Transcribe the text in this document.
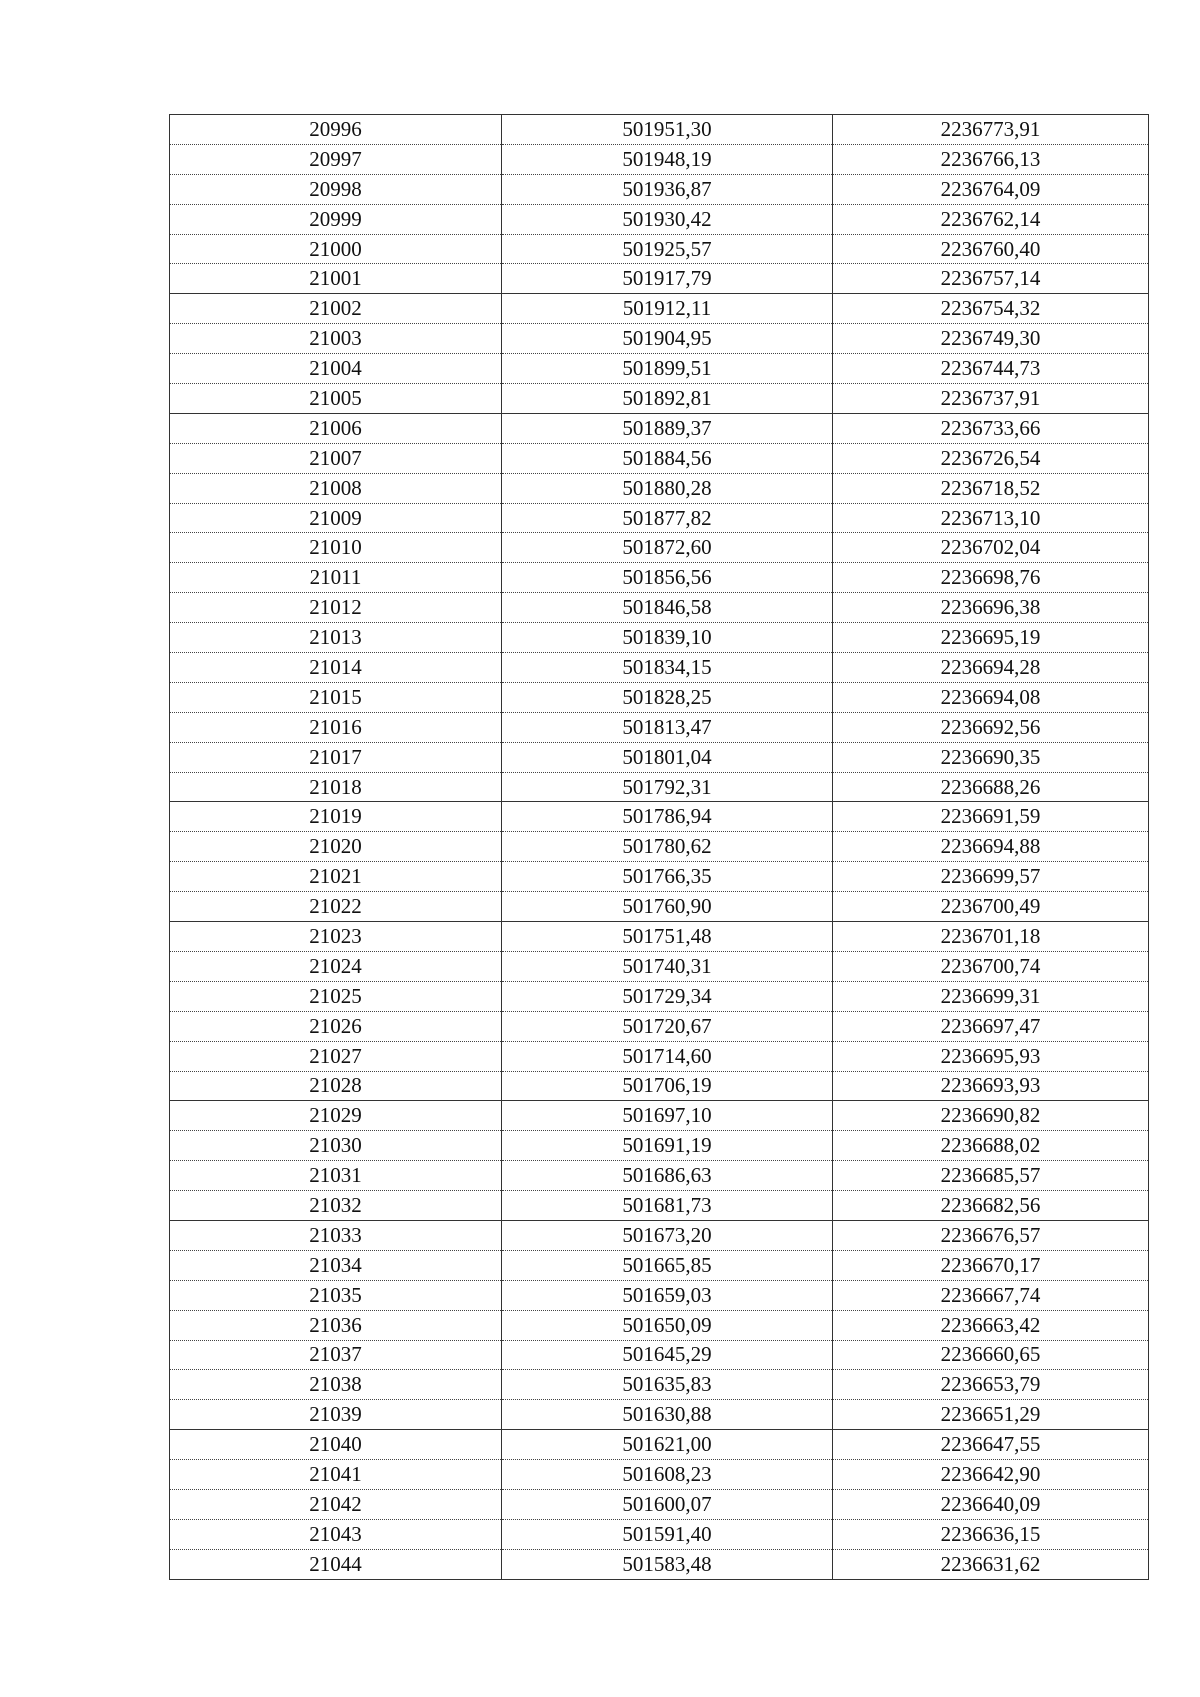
20996	501951,30	2236773,91
20997	501948,19	2236766,13
20998	501936,87	2236764,09
20999	501930,42	2236762,14
21000	501925,57	2236760,40
21001	501917,79	2236757,14
21002	501912,11	2236754,32
21003	501904,95	2236749,30
21004	501899,51	2236744,73
21005	501892,81	2236737,91
21006	501889,37	2236733,66
21007	501884,56	2236726,54
21008	501880,28	2236718,52
21009	501877,82	2236713,10
21010	501872,60	2236702,04
21011	501856,56	2236698,76
21012	501846,58	2236696,38
21013	501839,10	2236695,19
21014	501834,15	2236694,28
21015	501828,25	2236694,08
21016	501813,47	2236692,56
21017	501801,04	2236690,35
21018	501792,31	2236688,26
21019	501786,94	2236691,59
21020	501780,62	2236694,88
21021	501766,35	2236699,57
21022	501760,90	2236700,49
21023	501751,48	2236701,18
21024	501740,31	2236700,74
21025	501729,34	2236699,31
21026	501720,67	2236697,47
21027	501714,60	2236695,93
21028	501706,19	2236693,93
21029	501697,10	2236690,82
21030	501691,19	2236688,02
21031	501686,63	2236685,57
21032	501681,73	2236682,56
21033	501673,20	2236676,57
21034	501665,85	2236670,17
21035	501659,03	2236667,74
21036	501650,09	2236663,42
21037	501645,29	2236660,65
21038	501635,83	2236653,79
21039	501630,88	2236651,29
21040	501621,00	2236647,55
21041	501608,23	2236642,90
21042	501600,07	2236640,09
21043	501591,40	2236636,15
21044	501583,48	2236631,62
